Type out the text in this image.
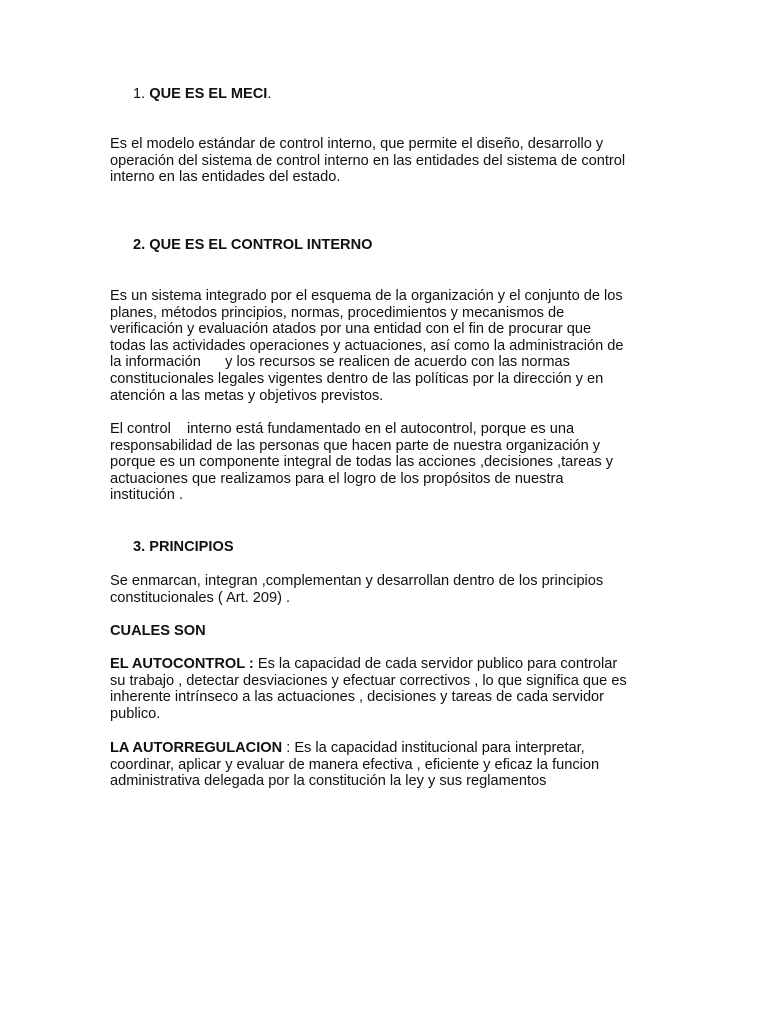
1. QUE ES EL MECI.

Es el modelo estándar de control interno, que permite el diseño, desarrollo y
operación del sistema de control interno en las entidades del sistema de control
interno en las entidades del estado.

2. QUE ES EL CONTROL INTERNO

Es un sistema integrado por el esquema de la organización y el conjunto de los
planes, métodos principios, normas, procedimientos y mecanismos de
verificación y evaluación atados por una entidad con el fin de procurar que
todas las actividades operaciones y actuaciones, así como la administración de
la información      y los recursos se realicen de acuerdo con las normas
constitucionales legales vigentes dentro de las políticas por la dirección y en
atención a las metas y objetivos previstos.

El control    interno está fundamentado en el autocontrol, porque es una
responsabilidad de las personas que hacen parte de nuestra organización y
porque es un componente integral de todas las acciones ,decisiones ,tareas y
actuaciones que realizamos para el logro de los propósitos de nuestra
institución .

3. PRINCIPIOS

Se enmarcan, integran ,complementan y desarrollan dentro de los principios
constitucionales ( Art. 209) .

CUALES SON

EL AUTOCONTROL : Es la capacidad de cada servidor publico para controlar
su trabajo , detectar desviaciones y efectuar correctivos , lo que significa que es
inherente intrínseco a las actuaciones , decisiones y tareas de cada servidor
publico.

LA AUTORREGULACION : Es la capacidad institucional para interpretar,
coordinar, aplicar y evaluar de manera efectiva , eficiente y eficaz la funcion
administrativa delegada por la constitución la ley y sus reglamentos
